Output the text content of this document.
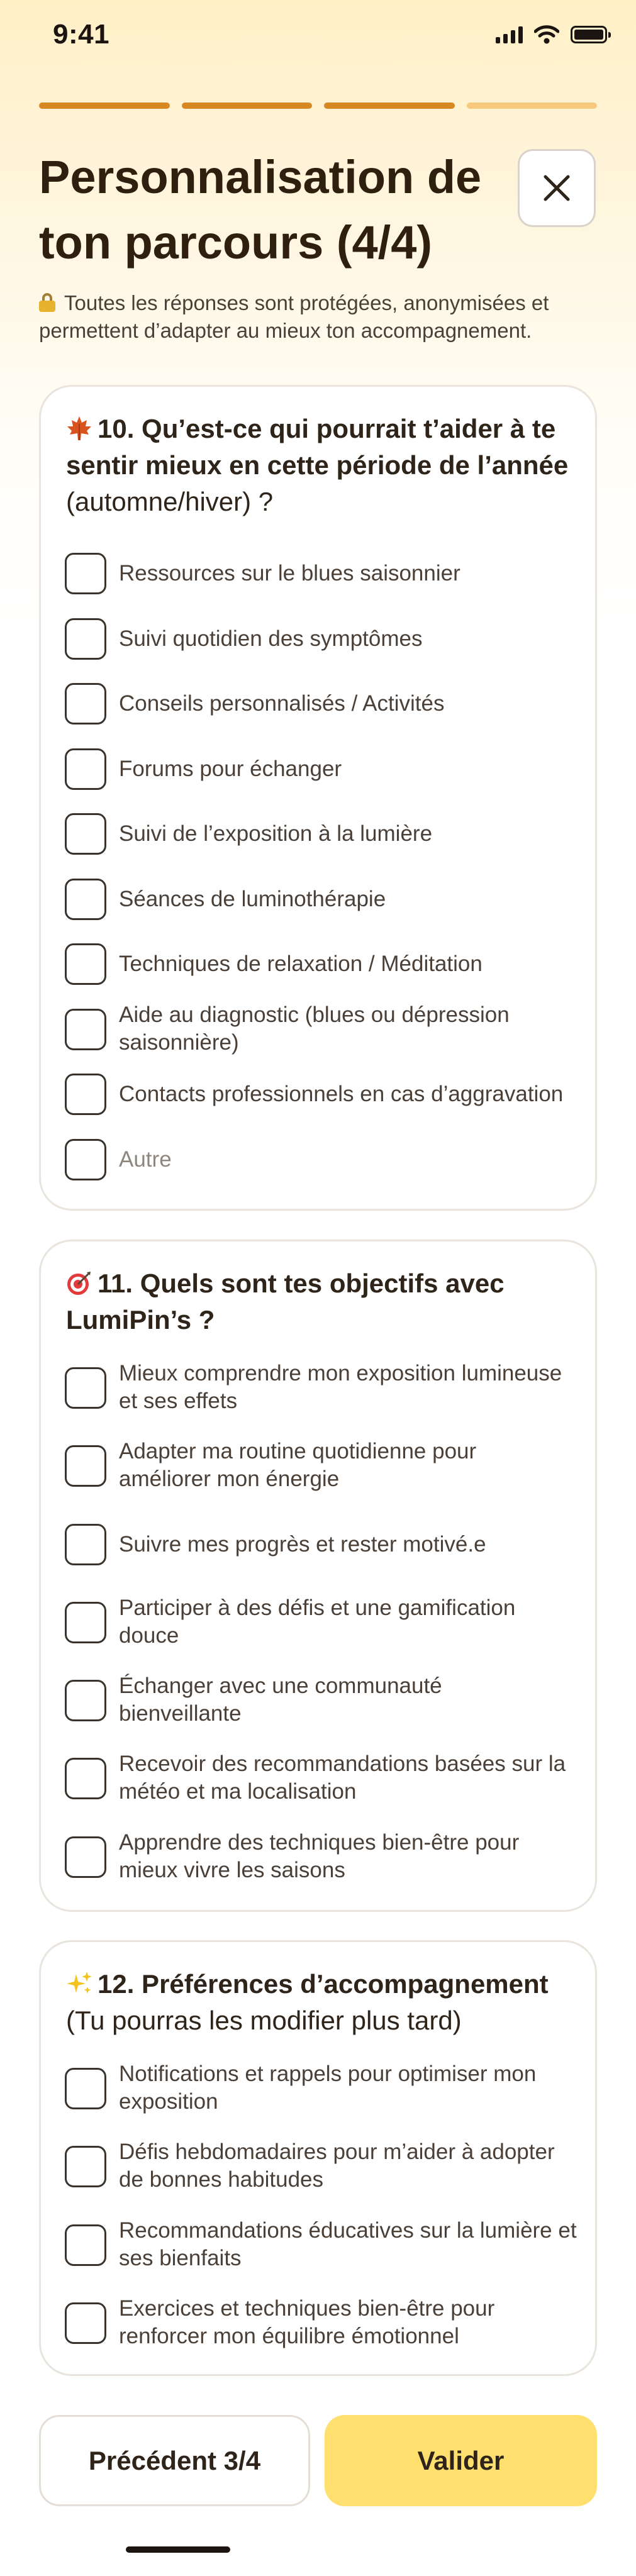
9:41
Personnalisation de ton parcours (4/4)
Toutes les réponses sont protégées, anonymisées et permettent d’adapter au mieux ton accompagnement.
10. Qu’est-ce qui pourrait t’aider à te sentir mieux en cette période de l’année (automne/hiver) ?
Ressources sur le blues saisonnier
Suivi quotidien des symptômes
Conseils personnalisés / Activités
Forums pour échanger
Suivi de l’exposition à la lumière
Séances de luminothérapie
Techniques de relaxation / Méditation
Aide au diagnostic (blues ou dépression saisonnière)
Contacts professionnels en cas d’aggravation
Autre
11. Quels sont tes objectifs avec LumiPin’s ?
Mieux comprendre mon exposition lumineuse et ses effets
Adapter ma routine quotidienne pour améliorer mon énergie
Suivre mes progrès et rester motivé.e
Participer à des défis et une gamification douce
Échanger avec une communauté bienveillante
Recevoir des recommandations basées sur la météo et ma localisation
Apprendre des techniques bien-être pour mieux vivre les saisons
12. Préférences d’accompagnement
(Tu pourras les modifier plus tard)
Notifications et rappels pour optimiser mon exposition
Défis hebdomadaires pour m’aider à adopter de bonnes habitudes
Recommandations éducatives sur la lumière et ses bienfaits
Exercices et techniques bien-être pour renforcer mon équilibre émotionnel
Précédent 3/4	Valider
